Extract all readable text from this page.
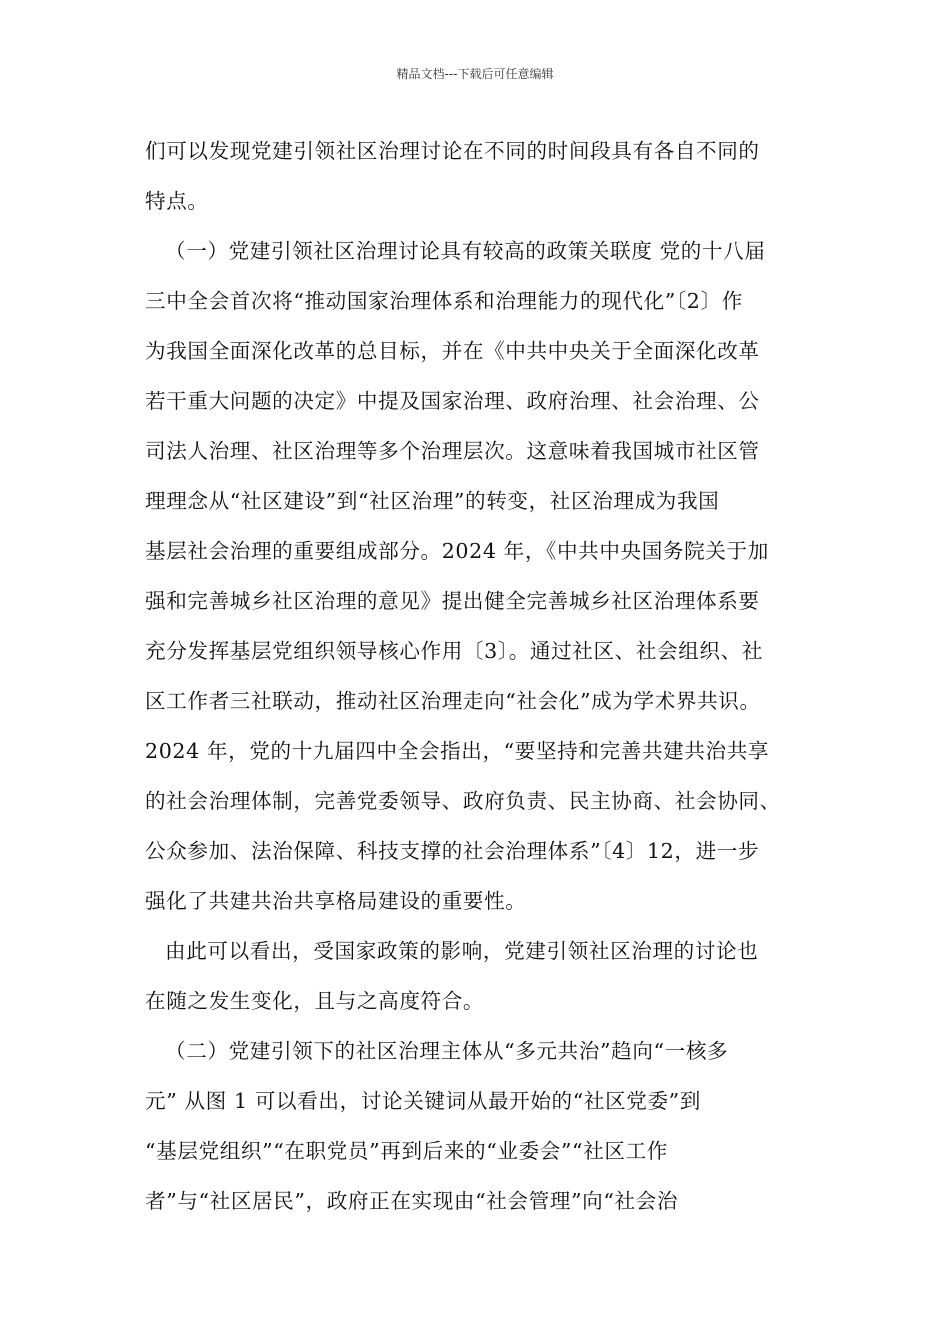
精品文档---下载后可任意编辑
们可以发现党建引领社区治理讨论在不同的时间段具有各自不同的
特点。
（一）党建引领社区治理讨论具有较高的政策关联度 党的十八届
三中全会首次将“推动国家治理体系和治理能力的现代化”〔2〕作
为我国全面深化改革的总目标，并在《中共中央关于全面深化改革
若干重大问题的决定》中提及国家治理、政府治理、社会治理、公
司法人治理、社区治理等多个治理层次。这意味着我国城市社区管
理理念从“社区建设”到“社区治理”的转变，社区治理成为我国
基层社会治理的重要组成部分。2024 年，《中共中央国务院关于加
强和完善城乡社区治理的意见》提出健全完善城乡社区治理体系要
充分发挥基层党组织领导核心作用〔3〕。通过社区、社会组织、社
区工作者三社联动，推动社区治理走向“社会化”成为学术界共识。
2024 年，党的十九届四中全会指出，“要坚持和完善共建共治共享
的社会治理体制，完善党委领导、政府负责、民主协商、社会协同、
公众参加、法治保障、科技支撑的社会治理体系”〔4〕12，进一步
强化了共建共治共享格局建设的重要性。
由此可以看出，受国家政策的影响，党建引领社区治理的讨论也
在随之发生变化，且与之高度符合。
（二）党建引领下的社区治理主体从“多元共治”趋向“一核多
元” 从图 1 可以看出，讨论关键词从最开始的“社区党委”到
“基层党组织”“在职党员”再到后来的“业委会”“社区工作
者”与“社区居民”，政府正在实现由“社会管理”向“社会治
